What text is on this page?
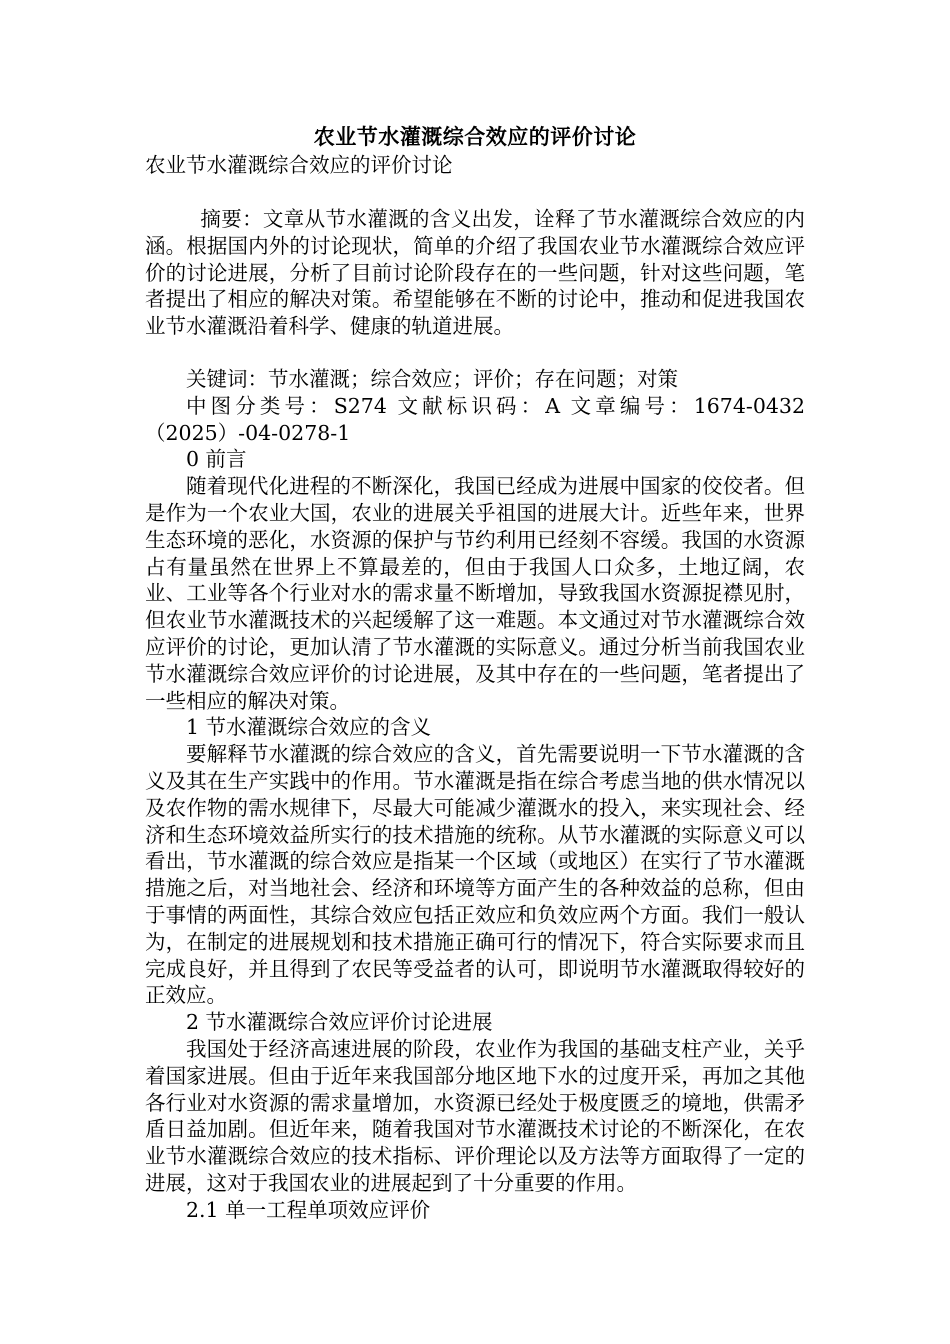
农业节水灌溉综合效应的评价讨论

农业节水灌溉综合效应的评价讨论

摘要：文章从节水灌溉的含义出发，诠释了节水灌溉综合效应的内涵。根据国内外的讨论现状，简单的介绍了我国农业节水灌溉综合效应评价的讨论进展，分析了目前讨论阶段存在的一些问题，针对这些问题，笔者提出了相应的解决对策。希望能够在不断的讨论中，推动和促进我国农业节水灌溉沿着科学、健康的轨道进展。

关键词：节水灌溉；综合效应；评价；存在问题；对策

中图分类号：S274 文献标识码：A 文章编号：1674-0432（2025）-04-0278-1

0 前言

随着现代化进程的不断深化，我国已经成为进展中国家的佼佼者。但是作为一个农业大国，农业的进展关乎祖国的进展大计。近些年来，世界生态环境的恶化，水资源的保护与节约利用已经刻不容缓。我国的水资源占有量虽然在世界上不算最差的，但由于我国人口众多，土地辽阔，农业、工业等各个行业对水的需求量不断增加，导致我国水资源捉襟见肘，但农业节水灌溉技术的兴起缓解了这一难题。本文通过对节水灌溉综合效应评价的讨论，更加认清了节水灌溉的实际意义。通过分析当前我国农业节水灌溉综合效应评价的讨论进展，及其中存在的一些问题，笔者提出了一些相应的解决对策。

1 节水灌溉综合效应的含义

要解释节水灌溉的综合效应的含义，首先需要说明一下节水灌溉的含义及其在生产实践中的作用。节水灌溉是指在综合考虑当地的供水情况以及农作物的需水规律下，尽最大可能减少灌溉水的投入，来实现社会、经济和生态环境效益所实行的技术措施的统称。从节水灌溉的实际意义可以看出，节水灌溉的综合效应是指某一个区域（或地区）在实行了节水灌溉措施之后，对当地社会、经济和环境等方面产生的各种效益的总称，但由于事情的两面性，其综合效应包括正效应和负效应两个方面。我们一般认为，在制定的进展规划和技术措施正确可行的情况下，符合实际要求而且完成良好，并且得到了农民等受益者的认可，即说明节水灌溉取得较好的正效应。

2 节水灌溉综合效应评价讨论进展

我国处于经济高速进展的阶段，农业作为我国的基础支柱产业，关乎着国家进展。但由于近年来我国部分地区地下水的过度开采，再加之其他各行业对水资源的需求量增加，水资源已经处于极度匮乏的境地，供需矛盾日益加剧。但近年来，随着我国对节水灌溉技术讨论的不断深化，在农业节水灌溉综合效应的技术指标、评价理论以及方法等方面取得了一定的进展，这对于我国农业的进展起到了十分重要的作用。

2.1 单一工程单项效应评价
